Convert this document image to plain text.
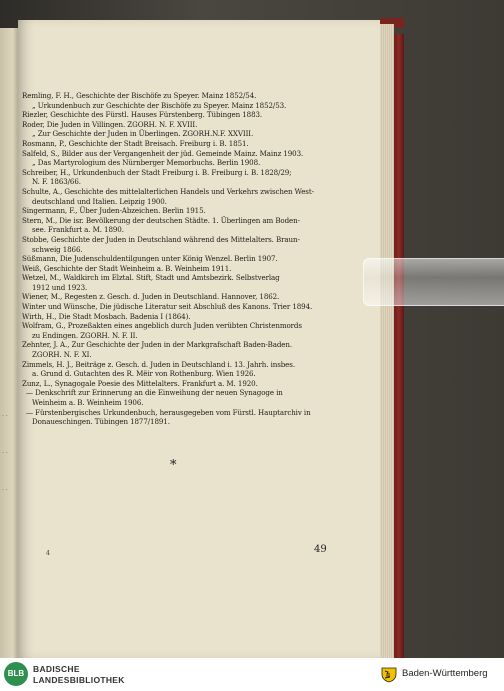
· ·
· ·
· ·

Remling, F. H., Geschichte der Bischöfe zu Speyer. Mainz 1852/54.

„ Urkundenbuch zur Geschichte der Bischöfe zu Speyer. Mainz 1852/53.

Riezler, Geschichte des Fürstl. Hauses Fürstenberg. Tübingen 1883.

Roder, Die Juden in Villingen. ZGORH. N. F. XVIII.

„ Zur Geschichte der Juden in Überlingen. ZGORH.N.F. XXVIII.

Rosmann, P., Geschichte der Stadt Breisach. Freiburg i. B. 1851.

Salfeld, S., Bilder aus der Vergangenheit der jüd. Gemeinde Mainz. Mainz 1903.

„ Das Martyrologium des Nürnberger Memorbuchs. Berlin 1908.

Schreiber, H., Urkundenbuch der Stadt Freiburg i. B. Freiburg i. B. 1828/29;

N. F. 1863/66.

Schulte, A., Geschichte des mittelalterlichen Handels und Verkehrs zwischen West-

deutschland und Italien. Leipzig 1900.

Singermann, F., Über Juden-Abzeichen. Berlin 1915.

Stern, M., Die isr. Bevölkerung der deutschen Städte. 1. Überlingen am Boden-

see. Frankfurt a. M. 1890.

Stobbe, Geschichte der Juden in Deutschland während des Mittelalters. Braun-

schweig 1866.

Süßmann, Die Judenschuldentilgungen unter König Wenzel. Berlin 1907.

Weiß, Geschichte der Stadt Weinheim a. B. Weinheim 1911.

Wetzel, M., Waldkirch im Elztal. Stift, Stadt und Amtsbezirk. Selbstverlag

1912 und 1923.

Wiener, M., Regesten z. Gesch. d. Juden in Deutschland. Hannover, 1862.

Winter und Wünsche, Die jüdische Literatur seit Abschluß des Kanons. Trier 1894.

Wirth, H., Die Stadt Mosbach. Badenia I (1864).

Wolfram, G., Prozeßakten eines angeblich durch Juden verübten Christenmords

zu Endingen. ZGORH. N. F. II.

Zehnter, J. A., Zur Geschichte der Juden in der Markgrafschaft Baden-Baden.

ZGORH. N. F. XI.

Zimmels, H. J., Beiträge z. Gesch. d. Juden in Deutschland i. 13. Jahrh. insbes.

a. Grund d. Gutachten des R. Mëir von Rothenburg. Wien 1926.

Zunz, L., Synagogale Poesie des Mittelalters. Frankfurt a. M. 1920.

— Denkschrift zur Erinnerung an die Einweihung der neuen Synagoge in

Weinheim a. B. Weinheim 1906.

— Fürstenbergisches Urkundenbuch, herausgegeben vom Fürstl. Hauptarchiv in

Donaueschingen. Tübingen 1877/1891.

*
4	49
BLB	BADISCHE
LANDESBIBLIOTHEK
Baden-Württemberg
